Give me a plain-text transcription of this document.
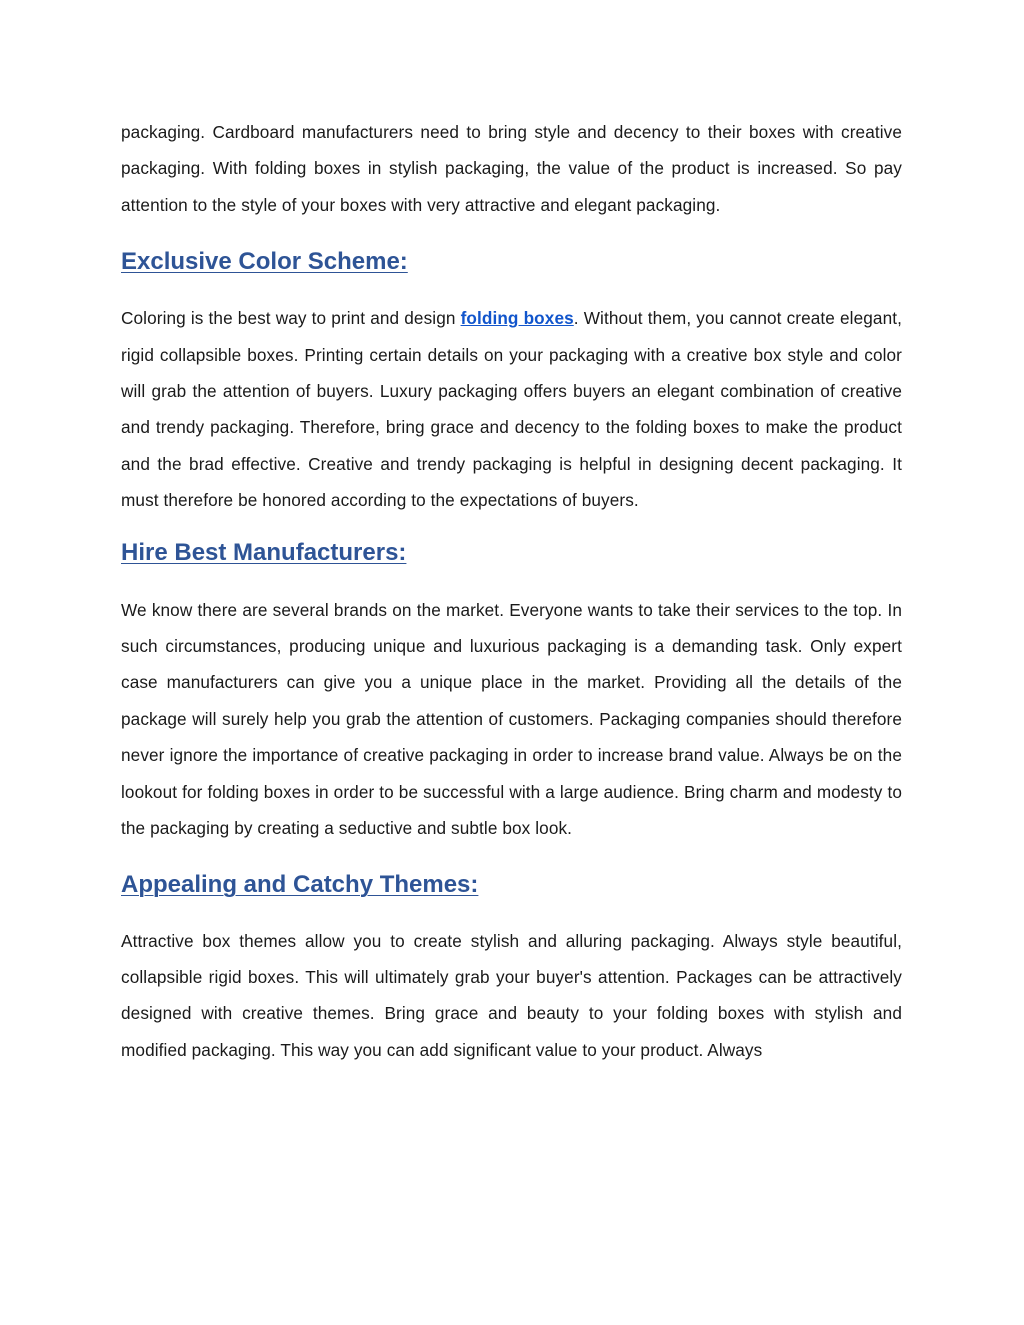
packaging. Cardboard manufacturers need to bring style and decency to their boxes with creative packaging. With folding boxes in stylish packaging, the value of the product is increased. So pay attention to the style of your boxes with very attractive and elegant packaging.

Exclusive Color Scheme:

Coloring is the best way to print and design folding boxes. Without them, you cannot create elegant, rigid collapsible boxes. Printing certain details on your packaging with a creative box style and color will grab the attention of buyers. Luxury packaging offers buyers an elegant combination of creative and trendy packaging. Therefore, bring grace and decency to the folding boxes to make the product and the brad effective. Creative and trendy packaging is helpful in designing decent packaging. It must therefore be honored according to the expectations of buyers.

Hire Best Manufacturers:

We know there are several brands on the market. Everyone wants to take their services to the top. In such circumstances, producing unique and luxurious packaging is a demanding task. Only expert case manufacturers can give you a unique place in the market. Providing all the details of the package will surely help you grab the attention of customers. Packaging companies should therefore never ignore the importance of creative packaging in order to increase brand value. Always be on the lookout for folding boxes in order to be successful with a large audience. Bring charm and modesty to the packaging by creating a seductive and subtle box look.

Appealing and Catchy Themes:

Attractive box themes allow you to create stylish and alluring packaging. Always style beautiful, collapsible rigid boxes. This will ultimately grab your buyer's attention. Packages can be attractively designed with creative themes. Bring grace and beauty to your folding boxes with stylish and modified packaging. This way you can add significant value to your product. Always
